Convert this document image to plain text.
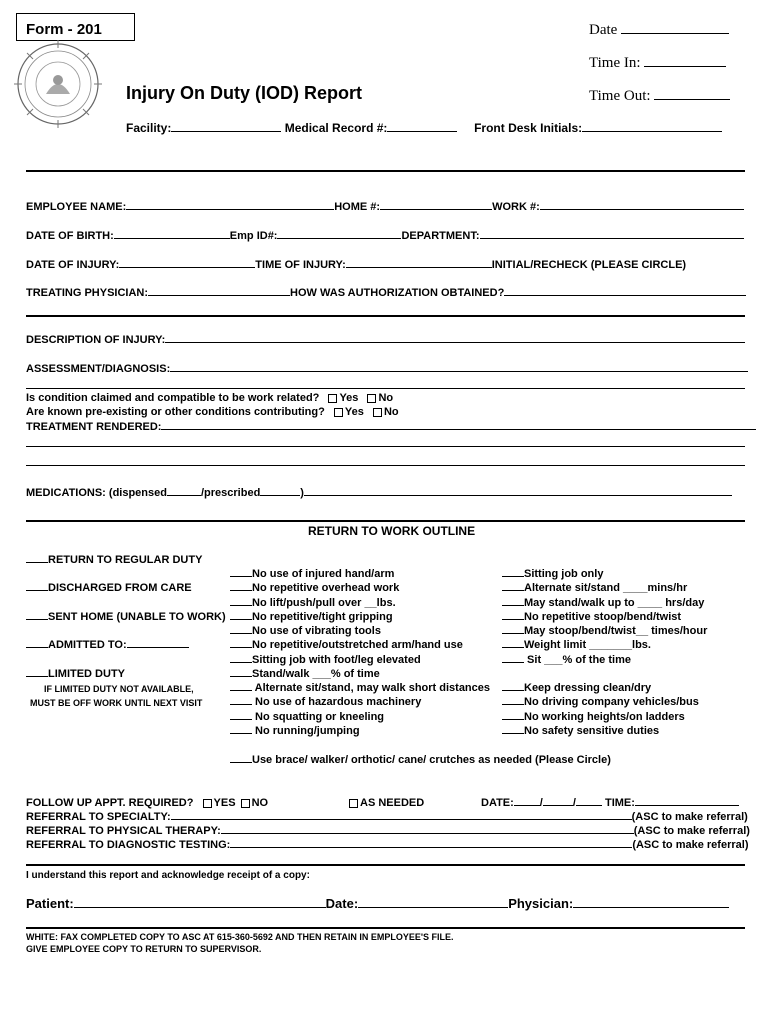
Form - 201	Date
Time In:
Time Out:
Injury On Duty (IOD) Report
Facility:	Medical Record #:	Front Desk Initials:
EMPLOYEE NAME:	HOME #:	WORK #:
DATE OF BIRTH:	Emp ID#:	DEPARTMENT:
DATE OF INJURY:	TIME OF INJURY:	INITIAL/RECHECK (PLEASE CIRCLE)
TREATING PHYSICIAN:	HOW WAS AUTHORIZATION OBTAINED?
DESCRIPTION OF INJURY:
ASSESSMENT/DIAGNOSIS:
Is condition claimed and compatible to be work related? Yes No
Are known pre-existing or other conditions contributing? Yes No
TREATMENT RENDERED:
MEDICATIONS: (dispensed	/prescribed	)
RETURN TO WORK OUTLINE
RETURN TO REGULAR DUTY
DISCHARGED FROM CARE
SENT HOME (UNABLE TO WORK)
ADMITTED TO:
LIMITED DUTY
IF LIMITED DUTY NOT AVAILABLE,
MUST BE OFF WORK UNTIL NEXT VISIT
No use of injured hand/arm
No repetitive overhead work
No lift/push/pull over __lbs.
No repetitive/tight gripping
No use of vibrating tools
No repetitive/outstretched arm/hand use
Sitting job with foot/leg elevated
Stand/walk ___% of time
Alternate sit/stand, may walk short distances
No use of hazardous machinery
No squatting or kneeling
No running/jumping
Sitting job only
Alternate sit/stand ____mins/hr
May stand/walk up to ____ hrs/day
No repetitive stoop/bend/twist
May stoop/bend/twist__ times/hour
Weight limit _______lbs.
Sit ___% of the time
Keep dressing clean/dry
No driving company vehicles/bus
No working heights/on ladders
No safety sensitive duties
Use brace/ walker/ orthotic/ cane/ crutches as needed (Please Circle)
FOLLOW UP APPT. REQUIRED? YES NO	AS NEEDED	DATE: /	/	TIME:
REFERRAL TO SPECIALTY:	(ASC to make referral)
REFERRAL TO PHYSICAL THERAPY:	(ASC to make referral)
REFERRAL TO DIAGNOSTIC TESTING:	(ASC to make referral)
I understand this report and acknowledge receipt of a copy:
Patient:	Date:	Physician:
WHITE: FAX COMPLETED COPY TO ASC AT 615-360-5692 AND THEN RETAIN IN EMPLOYEE'S FILE.
GIVE EMPLOYEE COPY TO RETURN TO SUPERVISOR.
